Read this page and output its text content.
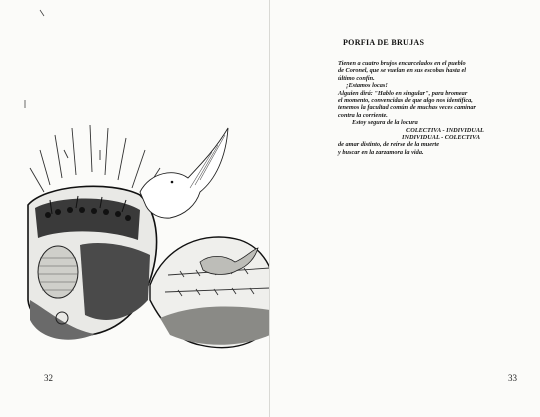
32
PORFIA DE BRUJAS
Tienen a cuatro brujos encarcelados en el pueblo
de Coronel, que se vuelan en sus escobas hasta el
último confín.
¡Estamos locas!
Alguien dirá: "Hablo en singular", para bromear
el momento, convencidas de que algo nos identifica,
tenemos la facultad común de muchas veces caminar
contra la corriente.
Estoy segura de la locura
COLECTIVA - INDIVIDUAL
INDIVIDUAL - COLECTIVA
de amar distinto, de reírse de la muerte
y buscar en la zarzamora la vida.
33
